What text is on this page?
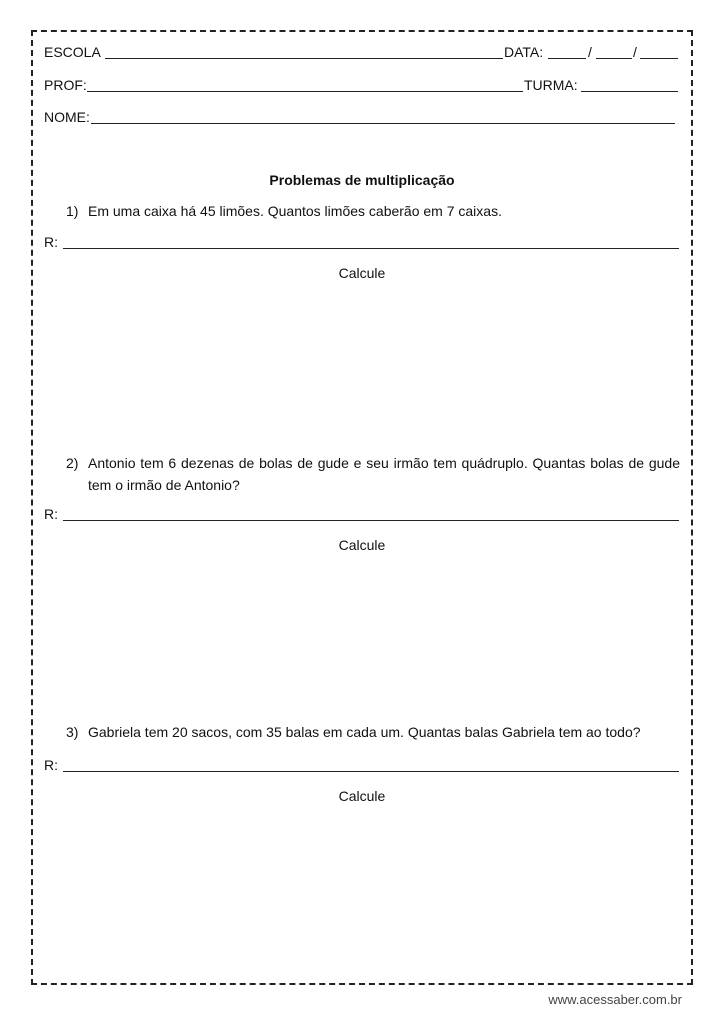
ESCOLA	DATA:	/	/
PROF:	TURMA:
NOME:
Problemas de multiplicação
1) Em uma caixa há 45 limões. Quantos limões caberão em 7 caixas.
R:
Calcule
2) Antonio tem 6 dezenas de bolas de gude e seu irmão tem quádruplo. Quantas bolas de gude tem o irmão de Antonio?
R:
Calcule
3) Gabriela tem 20 sacos, com 35 balas em cada um. Quantas balas Gabriela tem ao todo?
R:
Calcule
www.acessaber.com.br
